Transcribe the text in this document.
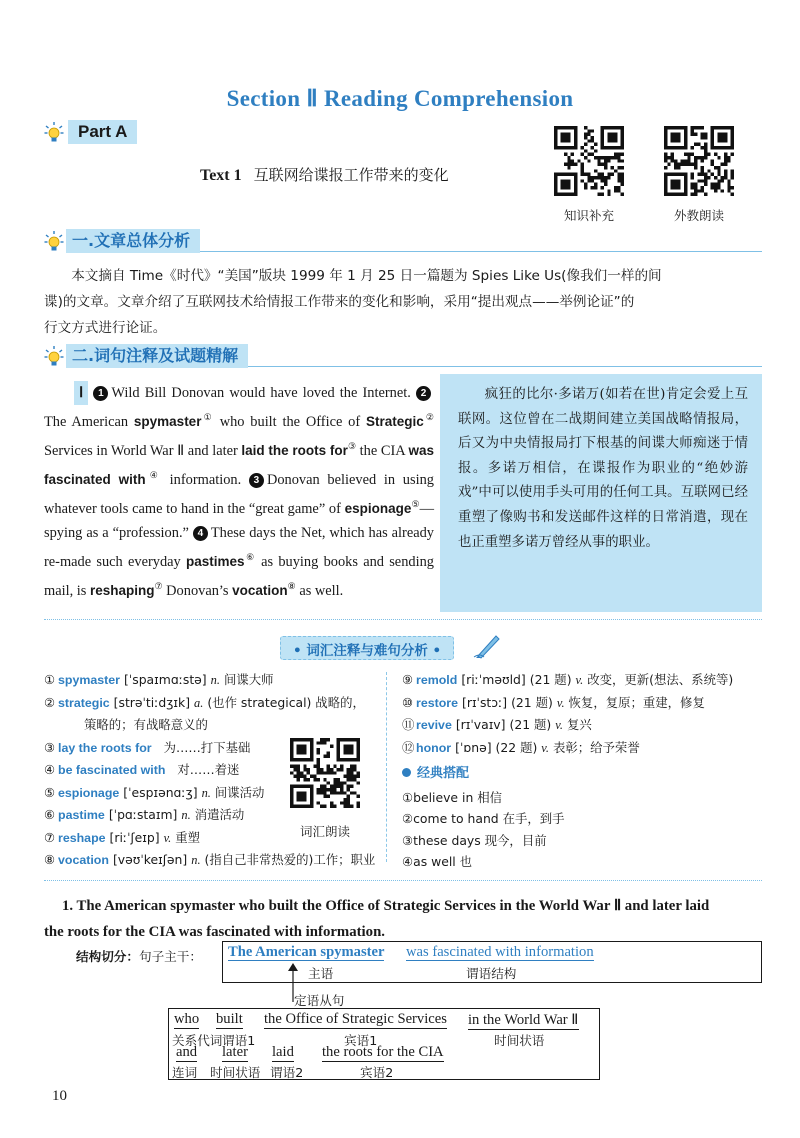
Section Ⅱ Reading Comprehension
Part A
Text 1 互联网给谍报工作带来的变化
知识补充	外教朗读
一.文章总体分析
本文摘自 Time《时代》“美国”版块 1999 年 1 月 25 日一篇题为 Spies Like Us(像我们一样的间
谍)的文章。文章介绍了互联网技术给情报工作带来的变化和影响，采用“提出观点——举例论证”的
行文方式进行论证。
二.词句注释及试题精解
Ⅰ 1 Wild Bill Donovan would have loved the Internet. 2The American spymaster① who built the Office of Strategic② Services in World War Ⅱ and later laid the roots for③ the CIA was fascinated with④ information. 3 Donovan believed in using whatever tools came to hand in the “great game” of espionage⑤—spying as a “profession.” 4 These days the Net, which has already re-made such everyday pastimes⑥ as buying books and sending mail, is reshaping⑦ Donovan’s vocation⑧ as well.
疯狂的比尔·多诺万(如若在世)肯定会爱上互联网。这位曾在二战期间建立美国战略情报局，后又为中央情报局打下根基的间谍大师痴迷于情报。多诺万相信，在谍报作为职业的“绝妙游戏”中可以使用手头可用的任何工具。互联网已经重塑了像购书和发送邮件这样的日常消遣，现在也正重塑多诺万曾经从事的职业。
• 词汇注释与难句分析 •
① spymaster [ˈspaɪmɑːstə] n. 间谍大师
② strategic [strəˈtiːdʒɪk] a. (也作 strategical) 战略的，
策略的；有战略意义的
③ lay the roots for 为……打下基础
④ be fascinated with 对……着迷
⑤ espionage [ˈespɪənɑːʒ] n. 间谍活动
⑥ pastime [ˈpɑːstaɪm] n. 消遣活动
⑦ reshape [riːˈʃeɪp] v. 重塑
⑧ vocation [vəʊˈkeɪʃən] n. (指自己非常热爱的)工作；职业
词汇朗读
⑨ remold [riːˈməʊld] (21 题) v. 改变，更新(想法、系统等)
⑩ restore [rɪˈstɔː] (21 题) v. 恢复，复原；重建，修复
⑪ revive [rɪˈvaɪv] (21 题) v. 复兴
⑫ honor [ˈɒnə] (22 题) v. 表彰；给予荣誉
经典搭配
①believe in 相信
②come to hand 在手，到手
③these days 现今，目前
④as well 也
1. The American spymaster who built the Office of Strategic Services in the World War Ⅱ and later laid
the roots for the CIA was fascinated with information.
结构切分：句子主干： The American spymaster was fascinated with information
主语	谓语结构
定语从句
who built the Office of Strategic Services in the World War Ⅱ
关系代词 谓语1	宾语1	时间状语
and later laid the roots for the CIA
连词 时间状语 谓语2	宾语2
10
